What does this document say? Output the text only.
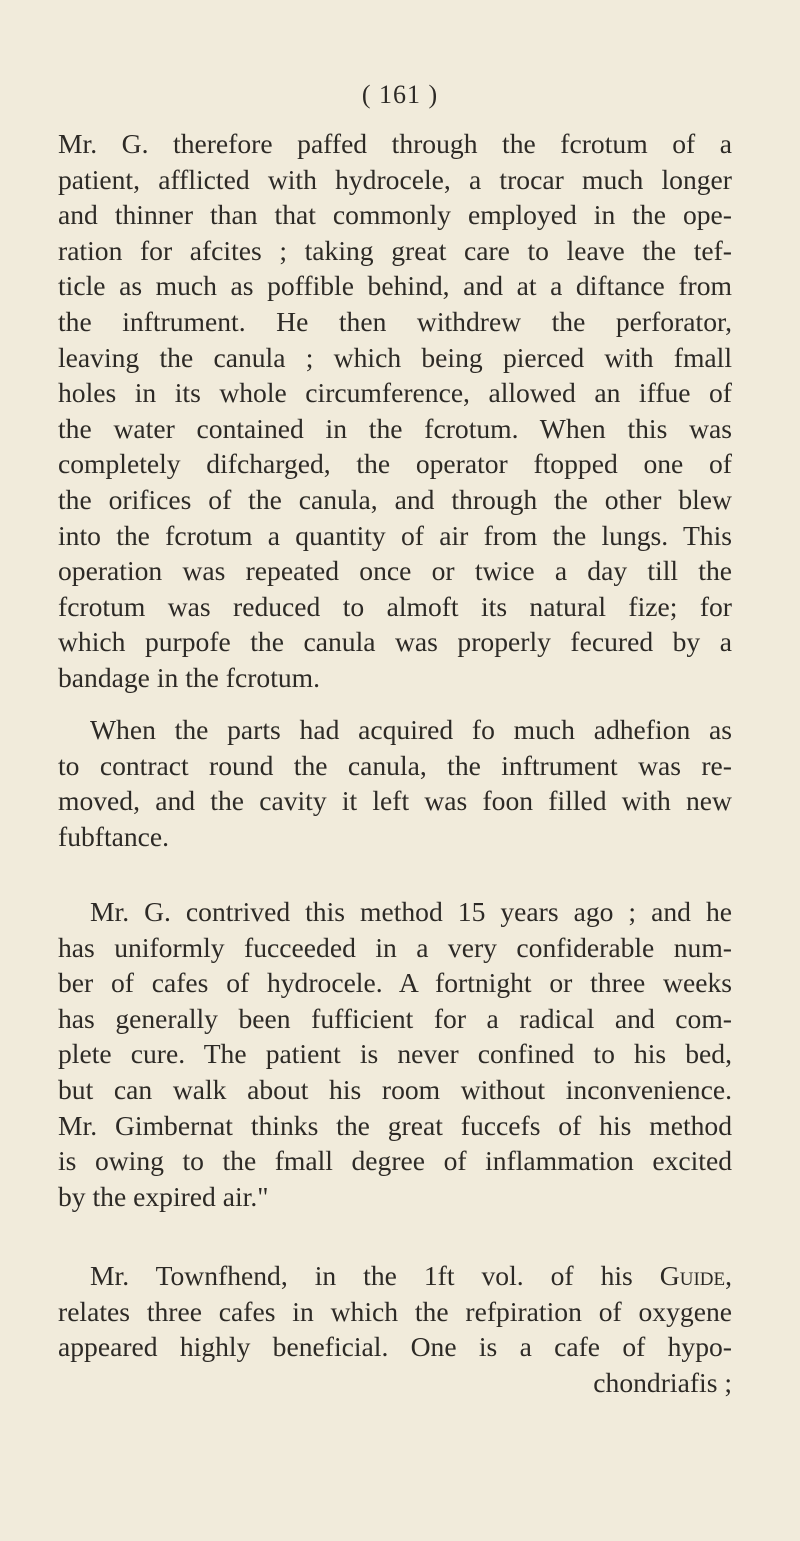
( 161 )
Mr. G. therefore paffed through the fcrotum of a
patient, afflicted with hydrocele, a trocar much longer
and thinner than that commonly employed in the ope-
ration for afcites ; taking great care to leave the tef-
ticle as much as poffible behind, and at a diftance from
the inftrument. He then withdrew the perforator,
leaving the canula ; which being pierced with fmall
holes in its whole circumference, allowed an iffue of
the water contained in the fcrotum. When this was
completely difcharged, the operator ftopped one of
the orifices of the canula, and through the other blew
into the fcrotum a quantity of air from the lungs. This
operation was repeated once or twice a day till the
fcrotum was reduced to almoft its natural fize; for
which purpofe the canula was properly fecured by a
bandage in the fcrotum.
When the parts had acquired fo much adhefion as
to contract round the canula, the inftrument was re-
moved, and the cavity it left was foon filled with new
fubftance.
Mr. G. contrived this method 15 years ago ; and he
has uniformly fucceeded in a very confiderable num-
ber of cafes of hydrocele. A fortnight or three weeks
has generally been fufficient for a radical and com-
plete cure. The patient is never confined to his bed,
but can walk about his room without inconvenience.
Mr. Gimbernat thinks the great fuccefs of his method
is owing to the fmall degree of inflammation excited
by the expired air."
Mr. Townfhend, in the 1ft vol. of his Guide,
relates three cafes in which the refpiration of oxygene
appeared highly beneficial. One is a cafe of hypo-
chondriafis ;
